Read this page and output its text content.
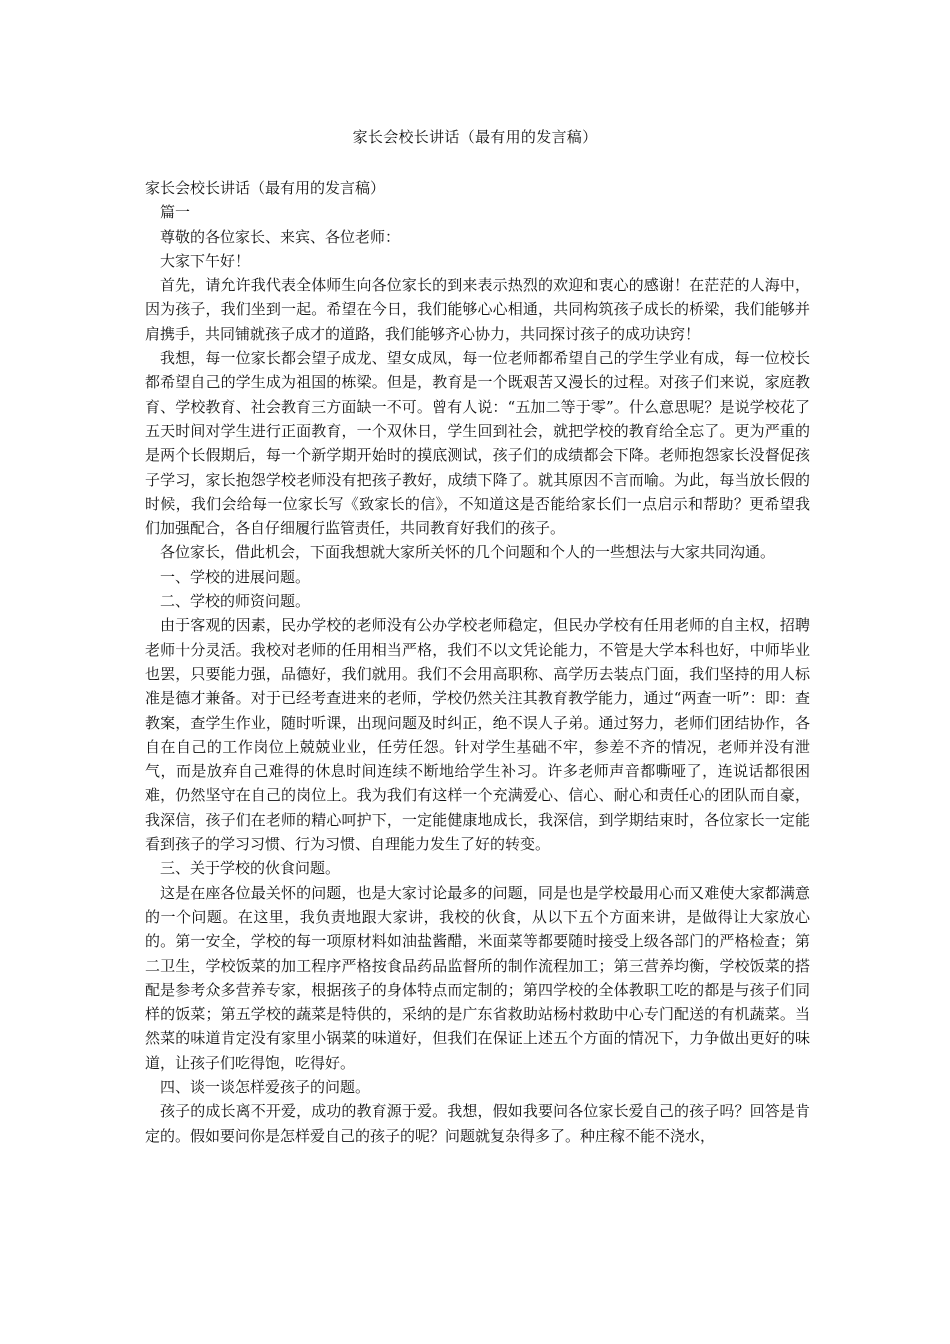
家长会校长讲话（最有用的发言稿）

家长会校长讲话（最有用的发言稿）

篇一

尊敬的各位家长、来宾、各位老师：

大家下午好！

首先，请允许我代表全体师生向各位家长的到来表示热烈的欢迎和衷心的感谢！在茫茫的人海中，因为孩子，我们坐到一起。希望在今日，我们能够心心相通，共同构筑孩子成长的桥梁，我们能够并肩携手，共同铺就孩子成才的道路，我们能够齐心协力，共同探讨孩子的成功诀窍！

我想，每一位家长都会望子成龙、望女成凤，每一位老师都希望自己的学生学业有成，每一位校长都希望自己的学生成为祖国的栋梁。但是，教育是一个既艰苦又漫长的过程。对孩子们来说，家庭教育、学校教育、社会教育三方面缺一不可。曾有人说：“五加二等于零”。什么意思呢？是说学校花了五天时间对学生进行正面教育，一个双休日，学生回到社会，就把学校的教育给全忘了。更为严重的是两个长假期后，每一个新学期开始时的摸底测试，孩子们的成绩都会下降。老师抱怨家长没督促孩子学习，家长抱怨学校老师没有把孩子教好，成绩下降了。就其原因不言而喻。为此，每当放长假的时候，我们会给每一位家长写《致家长的信》，不知道这是否能给家长们一点启示和帮助？更希望我们加强配合，各自仔细履行监管责任，共同教育好我们的孩子。

各位家长，借此机会，下面我想就大家所关怀的几个问题和个人的一些想法与大家共同沟通。

一、学校的进展问题。

二、学校的师资问题。

由于客观的因素，民办学校的老师没有公办学校老师稳定，但民办学校有任用老师的自主权，招聘老师十分灵活。我校对老师的任用相当严格，我们不以文凭论能力，不管是大学本科也好，中师毕业也罢，只要能力强，品德好，我们就用。我们不会用高职称、高学历去装点门面，我们坚持的用人标准是德才兼备。对于已经考查进来的老师，学校仍然关注其教育教学能力，通过“两查一听”：即：查教案，查学生作业，随时听课，出现问题及时纠正，绝不误人子弟。通过努力，老师们团结协作，各自在自己的工作岗位上兢兢业业，任劳任怨。针对学生基础不牢，参差不齐的情况，老师并没有泄气，而是放弃自己难得的休息时间连续不断地给学生补习。许多老师声音都嘶哑了，连说话都很困难，仍然坚守在自己的岗位上。我为我们有这样一个充满爱心、信心、耐心和责任心的团队而自豪，我深信，孩子们在老师的精心呵护下，一定能健康地成长，我深信，到学期结束时，各位家长一定能看到孩子的学习习惯、行为习惯、自理能力发生了好的转变。

三、关于学校的伙食问题。

这是在座各位最关怀的问题，也是大家讨论最多的问题，同是也是学校最用心而又难使大家都满意的一个问题。在这里，我负责地跟大家讲，我校的伙食，从以下五个方面来讲，是做得让大家放心的。第一安全，学校的每一项原材料如油盐酱醋，米面菜等都要随时接受上级各部门的严格检查；第二卫生，学校饭菜的加工程序严格按食品药品监督所的制作流程加工；第三营养均衡，学校饭菜的搭配是参考众多营养专家，根据孩子的身体特点而定制的；第四学校的全体教职工吃的都是与孩子们同样的饭菜；第五学校的蔬菜是特供的，采纳的是广东省救助站杨村救助中心专门配送的有机蔬菜。当然菜的味道肯定没有家里小锅菜的味道好，但我们在保证上述五个方面的情况下，力争做出更好的味道，让孩子们吃得饱，吃得好。

四、谈一谈怎样爱孩子的问题。

孩子的成长离不开爱，成功的教育源于爱。我想，假如我要问各位家长爱自己的孩子吗？回答是肯定的。假如要问你是怎样爱自己的孩子的呢？问题就复杂得多了。种庄稼不能不浇水，
